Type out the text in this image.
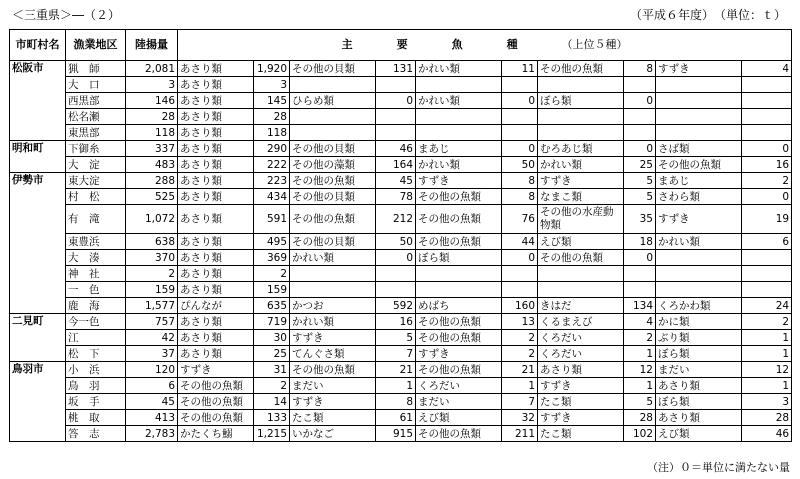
＜三重県＞―（２）	（平成６年度）　（単位：ｔ）
市町村名	漁業地区	陸揚量	主　　　　要　　　　魚　　　　種 （上位５種）									
松阪市	猟　師	2,081	あさり類	1,920	その他の貝類	131	かれい類	11	その他の魚類	8	すずき	4
	大　口	3	あさり類	3								
	西黒部	146	あさり類	145	ひらめ類	0	かれい類	0	ぼら類	0		
	松名瀬	28	あさり類	28								
	東黒部	118	あさり類	118								
明和町	下御糸	337	あさり類	290	その他の貝類	46	まあじ	0	むろあじ類	0	さば類	0
	大　淀	483	あさり類	222	その他の藻類	164	かれい類	50	かれい類	25	その他の魚類	16
伊勢市	東大淀	288	あさり類	223	その他の魚類	45	すずき	8	すずき	5	まあじ	2
	村　松	525	あさり類	434	その他の貝類	78	その他の魚類	8	なまこ類	5	さわら類	0
	有　滝	1,072	あさり類	591	その他の魚類	212	その他の魚類	76	その他の水産動物類	35	すずき	19
	東豊浜	638	あさり類	495	その他の貝類	50	その他の魚類	44	えび類	18	かれい類	6
	大　湊	370	あさり類	369	かれい類	0	ぼら類	0	その他の魚類	0		
	神　社	2	あさり類	2								
	一　色	159	あさり類	159								
	鹿　海	1,577	ぴんなが	635	かつお	592	めばち	160	きはだ	134	くろかわ類	24
二見町	今一色	757	あさり類	719	かれい類	16	その他の魚類	13	くるまえび	4	かに類	2
	江	42	あさり類	30	すずき	5	その他の魚類	2	くろだい	2	ぶり類	1
	松　下	37	あさり類	25	てんぐさ類	7	すずき	2	くろだい	1	ぼら類	1
鳥羽市	小　浜	120	すずき	31	その他の魚類	21	その他の魚類	21	あさり類	12	まだい	12
	鳥　羽	6	その他の魚類	2	まだい	1	くろだい	1	すずき	1	あさり類	1
	坂　手	45	その他の魚類	14	すずき	8	まだい	7	たこ類	5	ぼら類	3
	桃　取	413	その他の魚類	133	たこ類	61	えび類	32	すずき	28	あさり類	28
	答　志	2,783	かたくち鰯	1,215	いかなご	915	その他の魚類	211	たこ類	102	えび類	46
（注）０＝単位に満たない量
